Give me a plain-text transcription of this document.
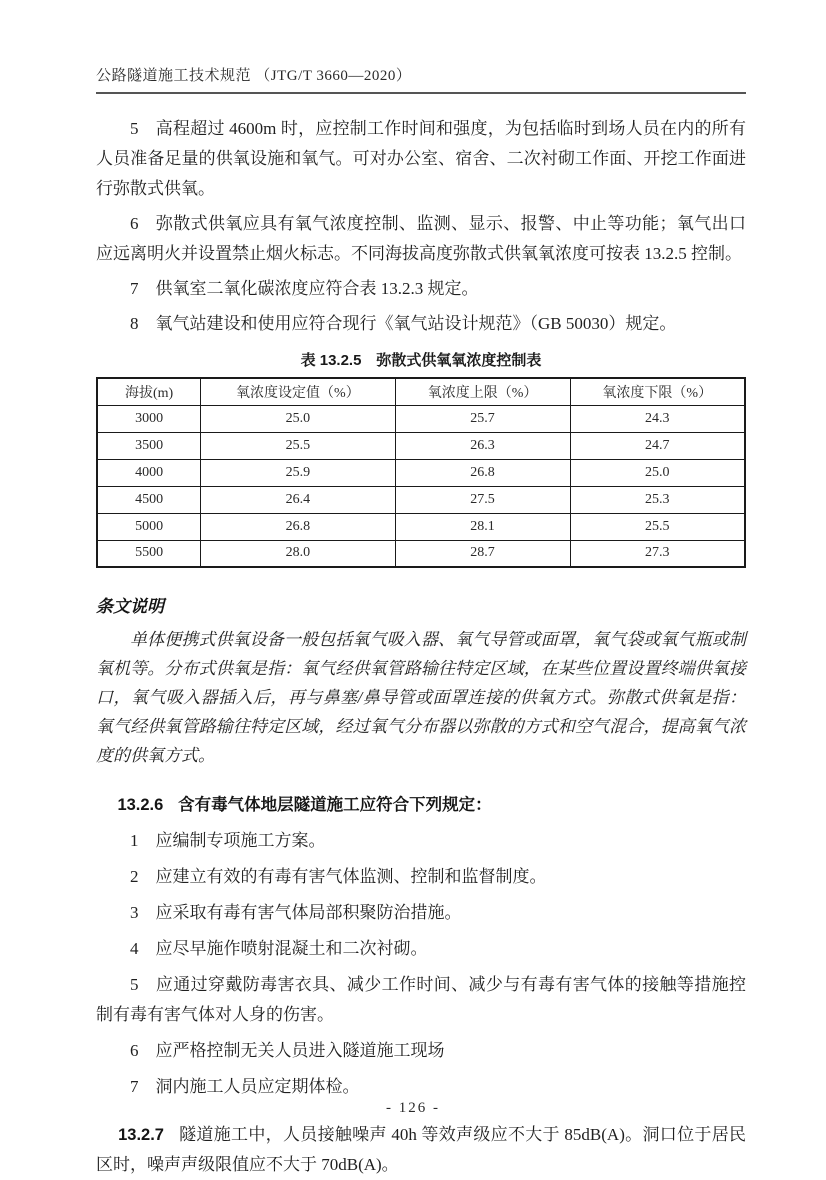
公路隧道施工技术规范 （JTG/T 3660—2020）

5 高程超过 4600m 时，应控制工作时间和强度，为包括临时到场人员在内的所有人员准备足量的供氧设施和氧气。可对办公室、宿舍、二次衬砌工作面、开挖工作面进行弥散式供氧。

6 弥散式供氧应具有氧气浓度控制、监测、显示、报警、中止等功能；氧气出口应远离明火并设置禁止烟火标志。不同海拔高度弥散式供氧氧浓度可按表 13.2.5 控制。

7 供氧室二氧化碳浓度应符合表 13.2.3 规定。

8 氧气站建设和使用应符合现行《氧气站设计规范》（GB 50030）规定。

表 13.2.5　弥散式供氧氧浓度控制表
海拔(m)	氧浓度设定值（%）	氧浓度上限（%）	氧浓度下限（%）
3000	25.0	25.7	24.3
3500	25.5	26.3	24.7
4000	25.9	26.8	25.0
4500	26.4	27.5	25.3
5000	26.8	28.1	25.5
5500	28.0	28.7	27.3
条文说明

单体便携式供氧设备一般包括氧气吸入器、氧气导管或面罩，氧气袋或氧气瓶或制氧机等。分布式供氧是指：氧气经供氧管路输往特定区域，在某些位置设置终端供氧接口，氧气吸入器插入后，再与鼻塞/鼻导管或面罩连接的供氧方式。弥散式供氧是指：氧气经供氧管路输往特定区域，经过氧气分布器以弥散的方式和空气混合，提高氧气浓度的供氧方式。

13.2.6 含有毒气体地层隧道施工应符合下列规定：

1 应编制专项施工方案。

2 应建立有效的有毒有害气体监测、控制和监督制度。

3 应采取有毒有害气体局部积聚防治措施。

4 应尽早施作喷射混凝土和二次衬砌。

5 应通过穿戴防毒害衣具、减少工作时间、减少与有毒有害气体的接触等措施控制有毒有害气体对人身的伤害。

6 应严格控制无关人员进入隧道施工现场

7 洞内施工人员应定期体检。

13.2.7 隧道施工中，人员接触噪声 40h 等效声级应不大于 85dB(A)。洞口位于居民区时，噪声声级限值应不大于 70dB(A)。

- 126 -
